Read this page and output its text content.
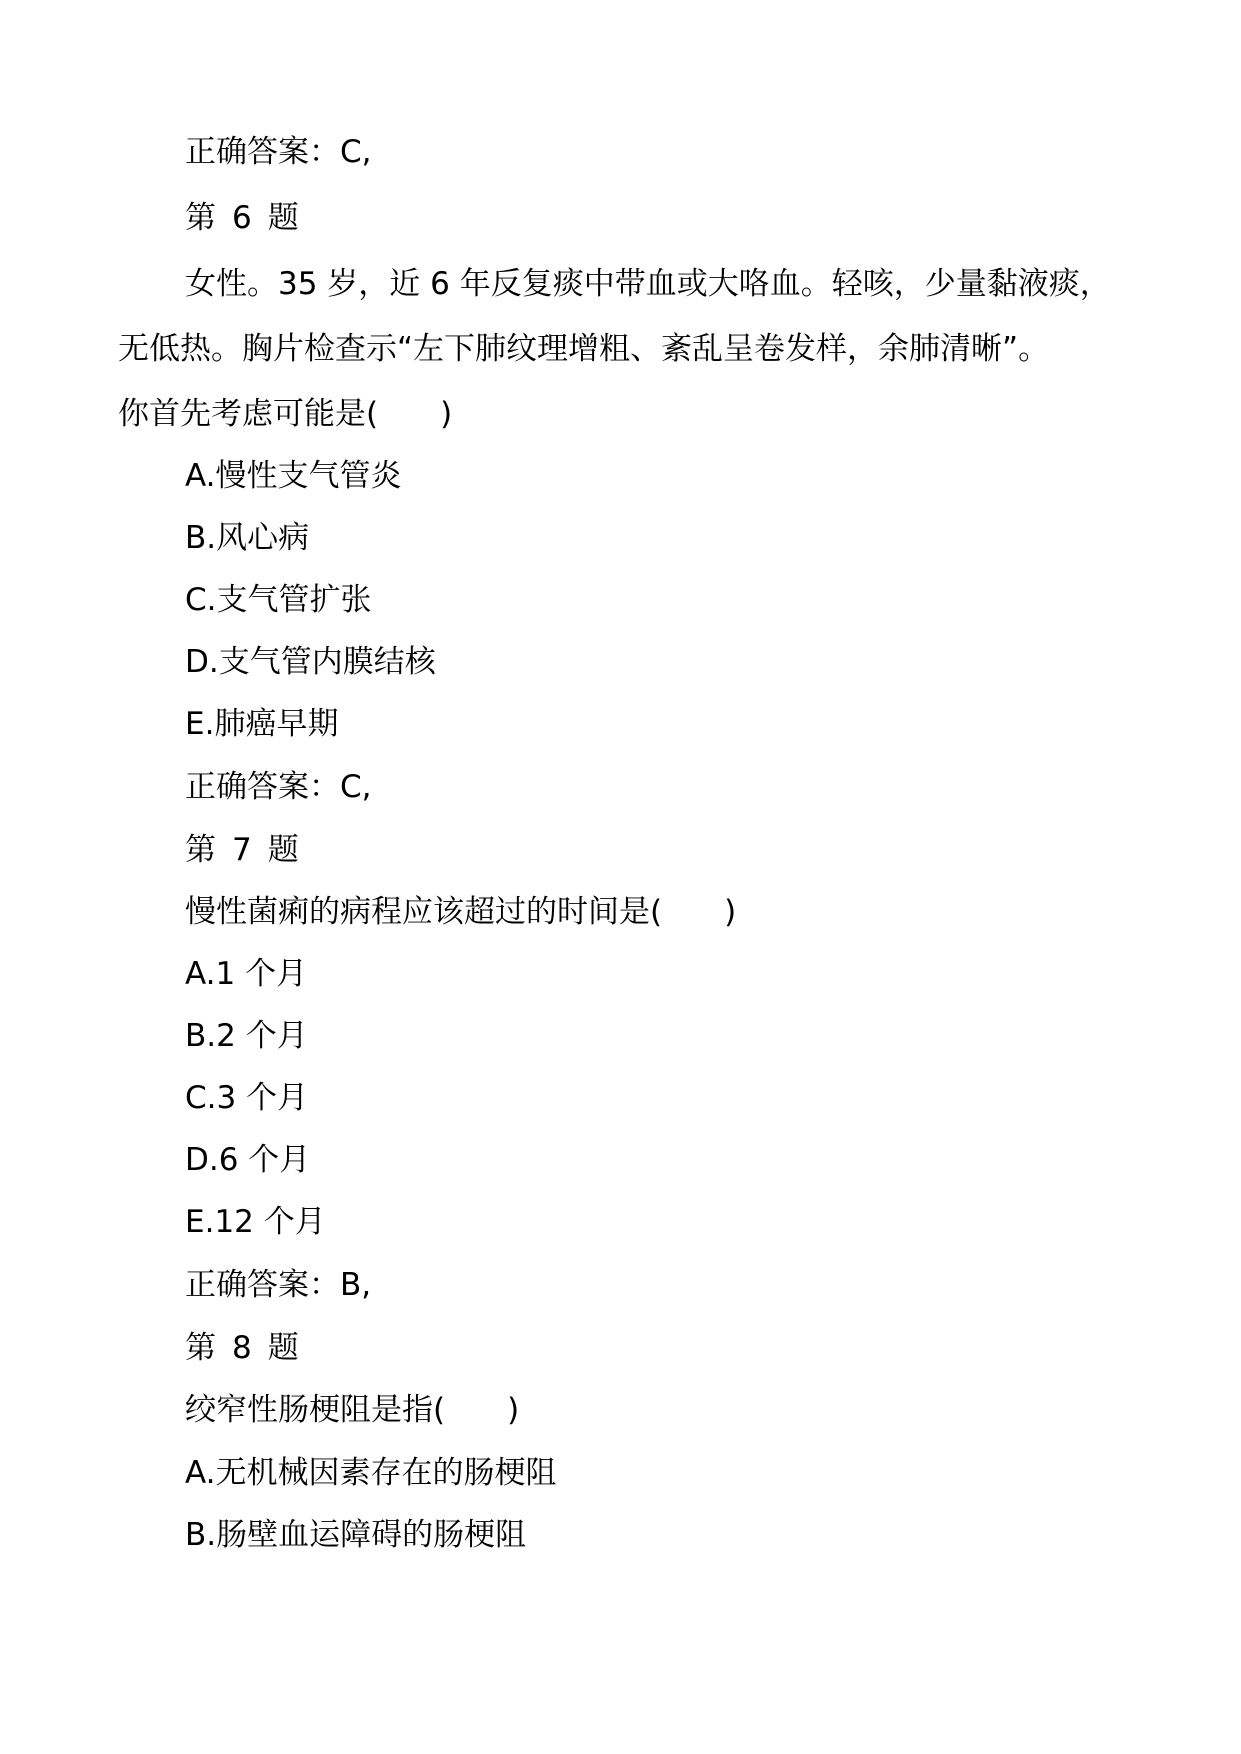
正确答案：C,
第 6 题
女性。35 岁，近 6 年反复痰中带血或大咯血。轻咳，少量黏液痰，
无低热。胸片检查示“左下肺纹理增粗、紊乱呈卷发样，余肺清晰”。
你首先考虑可能是(　　)
A.慢性支气管炎
B.风心病
C.支气管扩张
D.支气管内膜结核
E.肺癌早期
正确答案：C,
第 7 题
慢性菌痢的病程应该超过的时间是(　　)
A.1 个月
B.2 个月
C.3 个月
D.6 个月
E.12 个月
正确答案：B,
第 8 题
绞窄性肠梗阻是指(　　)
A.无机械因素存在的肠梗阻
B.肠壁血运障碍的肠梗阻
